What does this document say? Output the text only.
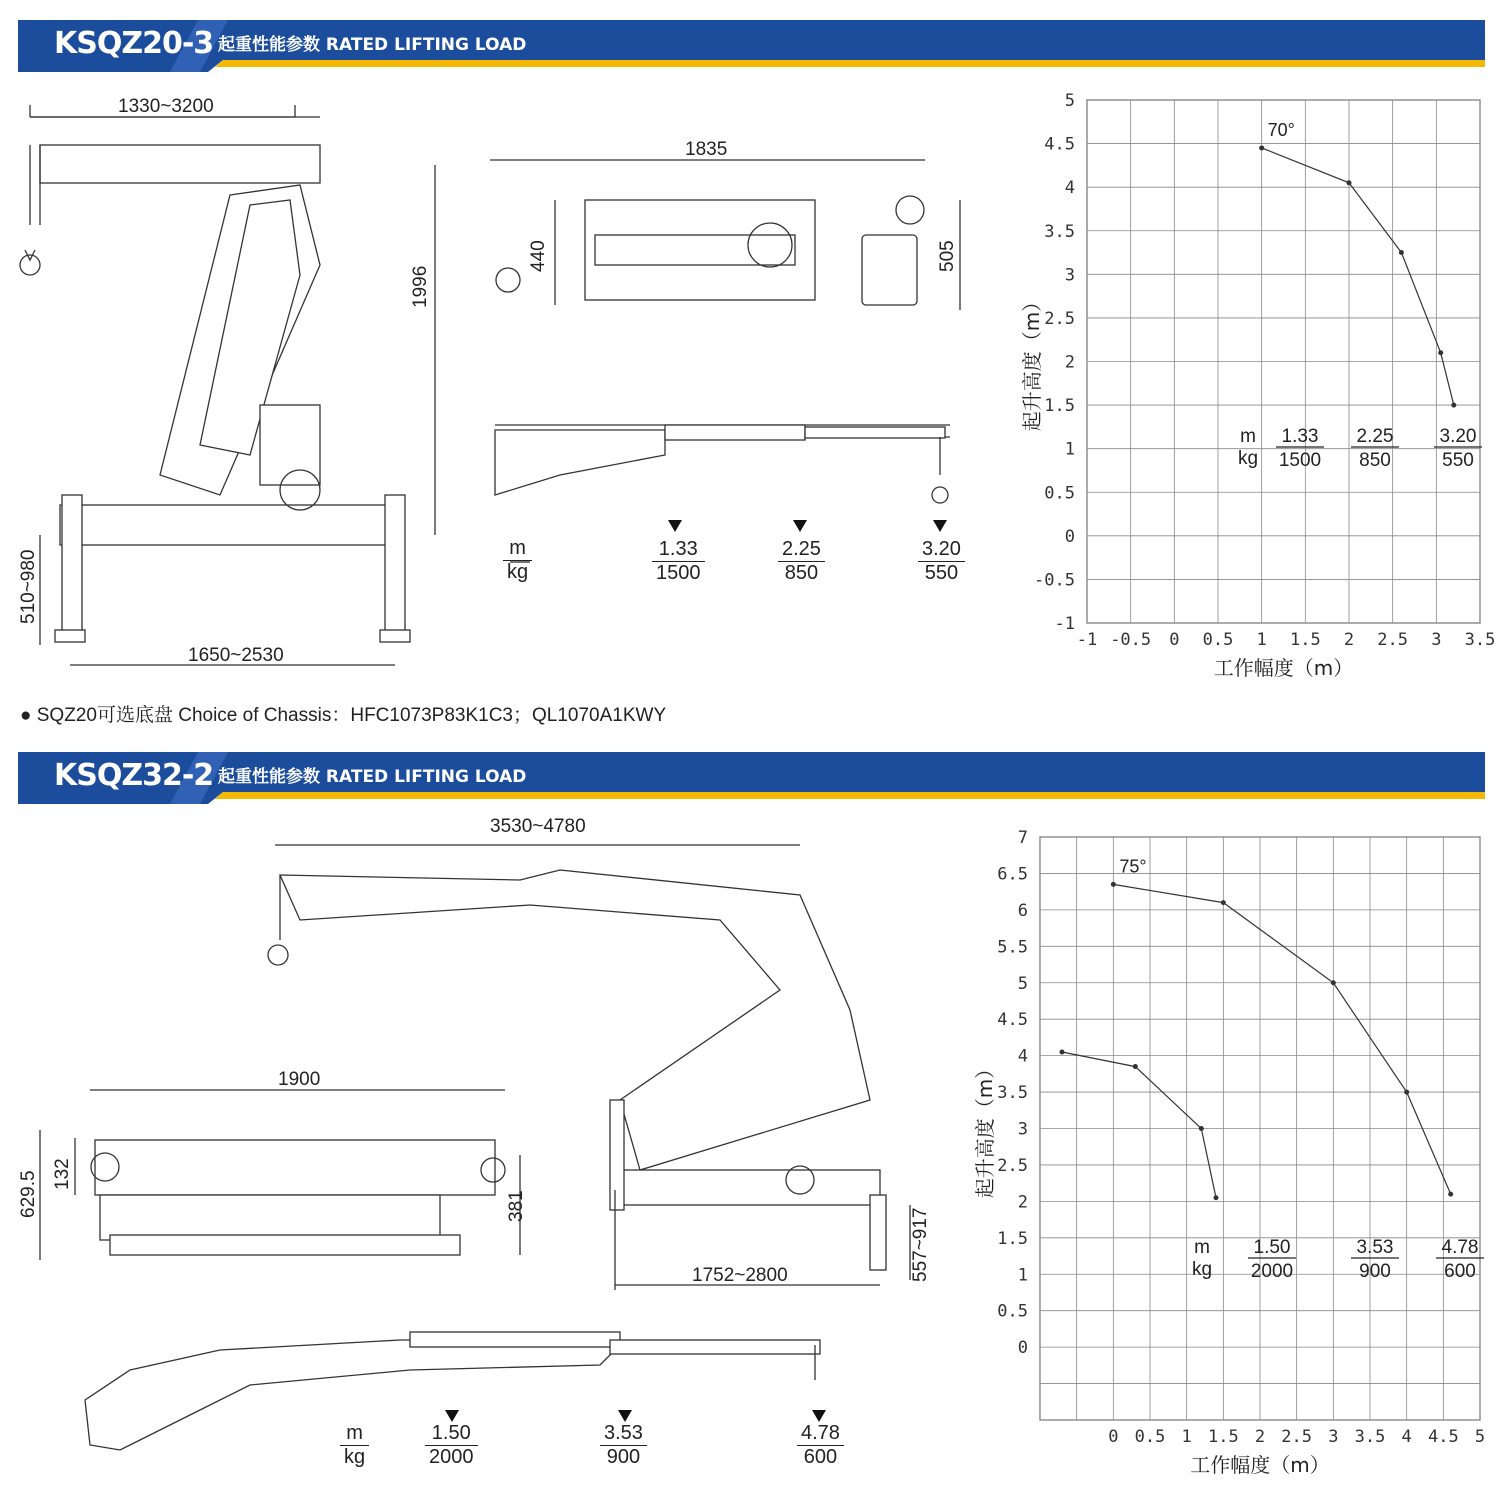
KSQZ20-3 起重性能参数 RATED LIFTING LOAD
1330~3200
1996
510~980
1650~2530
1835
440	505
m
kg
1.33
1500
2.25
850
3.20
550
-1 -0.5 0 0.5 1 1.5 2 2.5 3 3.5
-1
-0.5
0
0.5
1
1.5
2
2.5
3
3.5
4
4.5
5
工作幅度（m）
起升高度（m）
70°
m
kg
1.33
1500
2.25
850
3.20
550
● SQZ20可选底盘 Choice of Chassis：HFC1073P83K1C3；QL1070A1KWY
KSQZ32-2 起重性能参数 RATED LIFTING LOAD
3530~4780
1752~2800	557~917
1900
629.5 132
381
m
kg
1.50
2000
3.53
900
4.78
600
0 0.5 1 1.5 2 2.5 3 3.5 4 4.5 5
0
0.5
1
1.5
2
2.5
3
3.5
4
4.5
5
5.5
6
6.5
7
工作幅度（m）
起升高度（m）
75°
m
kg
1.50
2000
3.53
900
4.78
600
